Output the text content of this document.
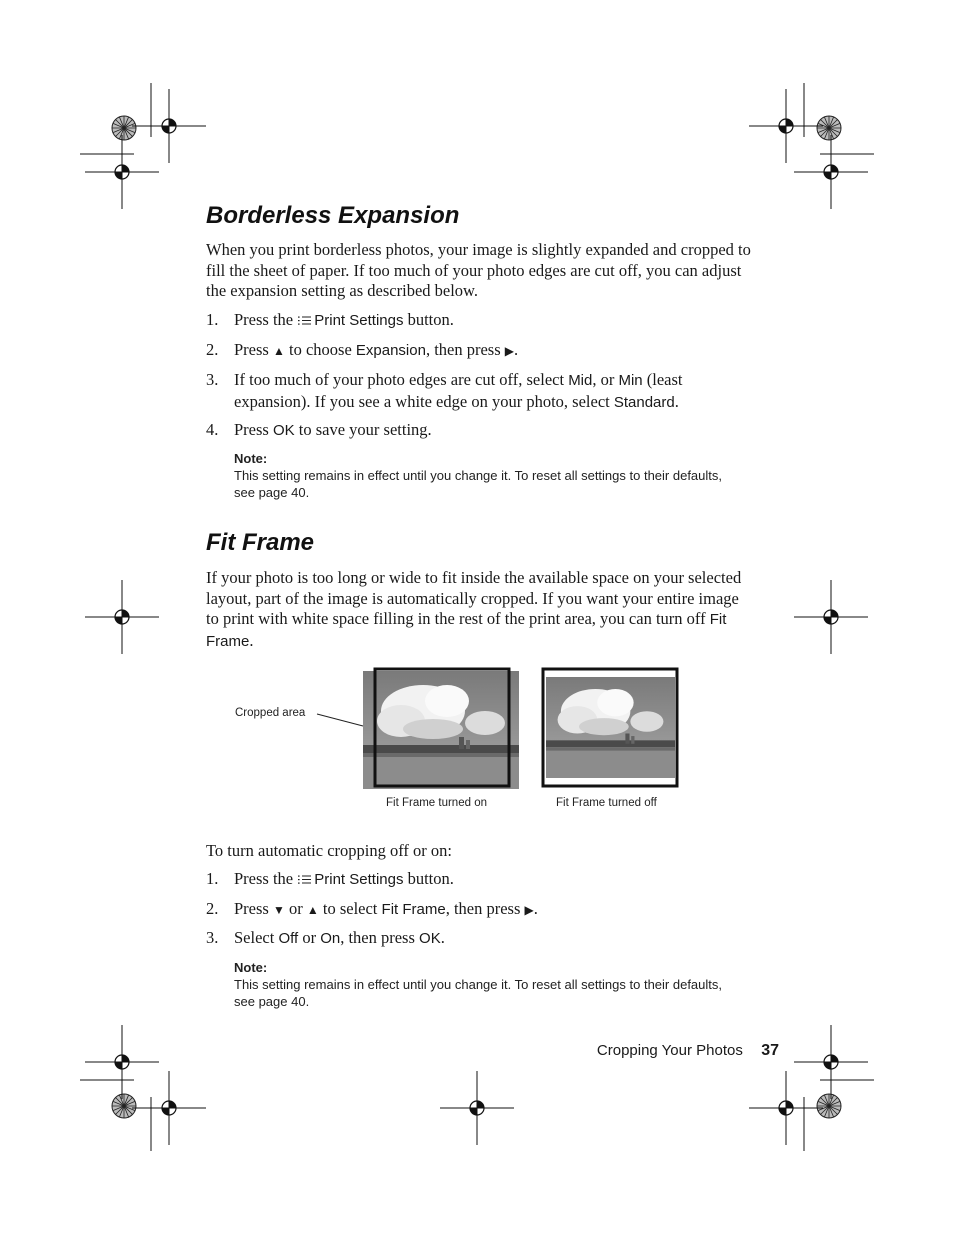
Borderless Expansion

When you print borderless photos, your image is slightly expanded and cropped to fill the sheet of paper. If too much of your photo edges are cut off, you can adjust the expansion setting as described below.

1. Press the Print Settings button.
2. Press ▲ to choose Expansion, then press ▶.
3. If too much of your photo edges are cut off, select Mid, or Min (least expansion). If you see a white edge on your photo, select Standard.
4. Press OK to save your setting.
Note:
This setting remains in effect until you change it. To reset all settings to their defaults, see page 40.
Fit Frame

If your photo is too long or wide to fit inside the available space on your selected layout, part of the image is automatically cropped. If you want your entire image to print with white space filling in the rest of the print area, you can turn off Fit Frame.

Cropped area
Fit Frame turned on	Fit Frame turned off

To turn automatic cropping off or on:

1. Press the Print Settings button.
2. Press ▼ or ▲ to select Fit Frame, then press ▶.
3. Select Off or On, then press OK.
Note:
This setting remains in effect until you change it. To reset all settings to their defaults, see page 40.
Cropping Your Photos 37
